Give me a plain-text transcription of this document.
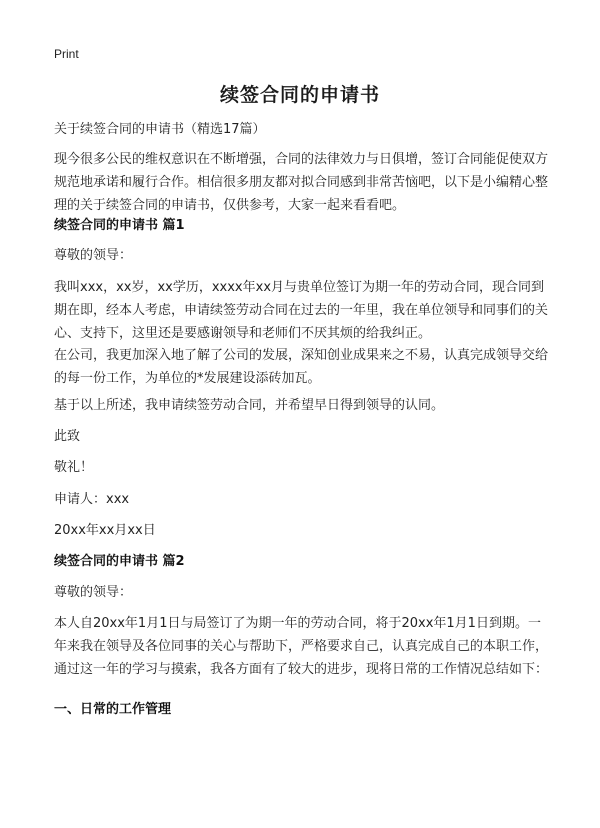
Print
续签合同的申请书
关于续签合同的申请书（精选17篇）
现今很多公民的维权意识在不断增强，合同的法律效力与日俱增，签订合同能促使双方规范地承诺和履行合作。相信很多朋友都对拟合同感到非常苦恼吧，以下是小编精心整理的关于续签合同的申请书，仅供参考，大家一起来看看吧。
续签合同的申请书 篇1
尊敬的领导：
我叫xxx，xx岁，xx学历，xxxx年xx月与贵单位签订为期一年的劳动合同，现合同到期在即，经本人考虑，申请续签劳动合同在过去的一年里，我在单位领导和同事们的关心、支持下，这里还是要感谢领导和老师们不厌其烦的给我纠正。
在公司，我更加深入地了解了公司的发展，深知创业成果来之不易，认真完成领导交给的每一份工作，为单位的*发展建设添砖加瓦。
基于以上所述，我申请续签劳动合同，并希望早日得到领导的认同。
此致
敬礼！
申请人：xxx
20xx年xx月xx日
续签合同的申请书 篇2
尊敬的领导：
本人自20xx年1月1日与局签订了为期一年的劳动合同，将于20xx年1月1日到期。一年来我在领导及各位同事的关心与帮助下，严格要求自己，认真完成自己的本职工作，通过这一年的学习与摸索，我各方面有了较大的进步，现将日常的工作情况总结如下：
一、日常的工作管理
